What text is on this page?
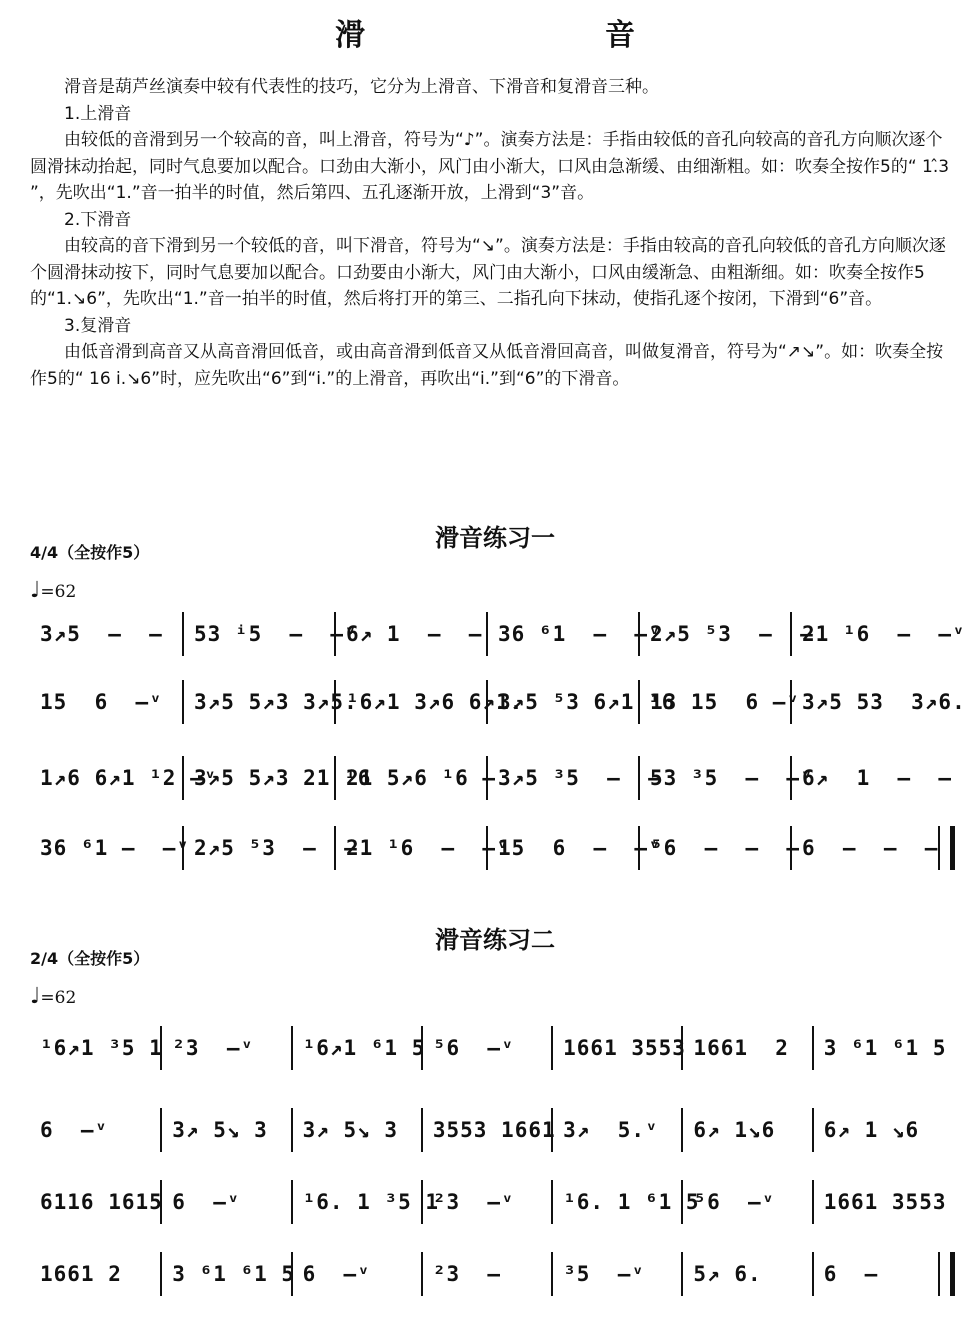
滑　　音

滑音是葫芦丝演奏中较有代表性的技巧，它分为上滑音、下滑音和复滑音三种。

1.上滑音

由较低的音滑到另一个较高的音，叫上滑音，符号为“♪”。演奏方法是：手指由较低的音孔向较高的音孔方向顺次逐个圆滑抹动抬起，同时气息要加以配合。口劲由大渐小，风门由小渐大，口风由急渐缓、由细渐粗。如：吹奏全按作5的“ 1.̂3 ”，先吹出“1.”音一拍半的时值，然后第四、五孔逐渐开放，上滑到“3”音。

2.下滑音

由较高的音下滑到另一个较低的音，叫下滑音，符号为“↘”。演奏方法是：手指由较高的音孔向较低的音孔方向顺次逐个圆滑抹动按下，同时气息要加以配合。口劲要由小渐大，风门由大渐小，口风由缓渐急、由粗渐细。如：吹奏全按作5的“1.↘6”，先吹出“1.”音一拍半的时值，然后将打开的第三、二指孔向下抹动，使指孔逐个按闭，下滑到“6”音。

3.复滑音

由低音滑到高音又从高音滑回低音，或由高音滑到低音又从低音滑回高音，叫做复滑音，符号为“↗↘”。如：吹奏全按作5的“ 16 i.↘6”时，应先吹出“6”到“i.”的上滑音，再吹出“i.”到“6”的下滑音。

滑音练习一
4/4（全按作5）
♩=62
3↗5  –  –	53 ⁱ5  –  –ᵛ
6↗ 1  –  – 36 ⁶1  –  –ᵛ
2↗5 ⁵3  –  –
21 ¹6  –  –ᵛ
15  6  –ᵛ	3↗5 5↗3 3↗5.
¹6↗1 3↗6 6↗1.
3↗5 ⁵3 6↗1 ¹6
13 15  6 –ᵛ 3↗5 53  3↗6.
1↗6 6↗1 ¹2 –ᵛ
3↗5 5↗3 21 ¹6
21 5↗6 ¹6 – 3↗5 ³5  –  –
53 ³5  –  –ᵛ
6↗  1  –  –
36 ⁶1 –  –ᵛ 2↗5 ⁵3  –  –
21 ¹6  –  –ᵛ
15  6  –  –ᵛ
⁵6  –  –  – 6  –  –  –
滑音练习二
2/4（全按作5）
♩=62
¹6↗1 ³5 1 ²3  –ᵛ	¹6↗1 ⁶1 5 ⁵6  –ᵛ	1661 3553 1661  2	3 ⁶1 ⁶1 5
6  –ᵛ	3↗ 5↘ 3	3↗ 5↘ 3	3553 1661 3↗  5.ᵛ	6↗ 1↘6	6↗ 1 ↘6
6116 1615 6  –ᵛ	¹6. 1 ³5 1
²3  –ᵛ	¹6. 1 ⁶1 5
⁵6  –ᵛ	1661 3553
1661 2	3 ⁶1 ⁶1 5 6  –ᵛ	²3  –	³5  –ᵛ	5↗ 6.	6  –
